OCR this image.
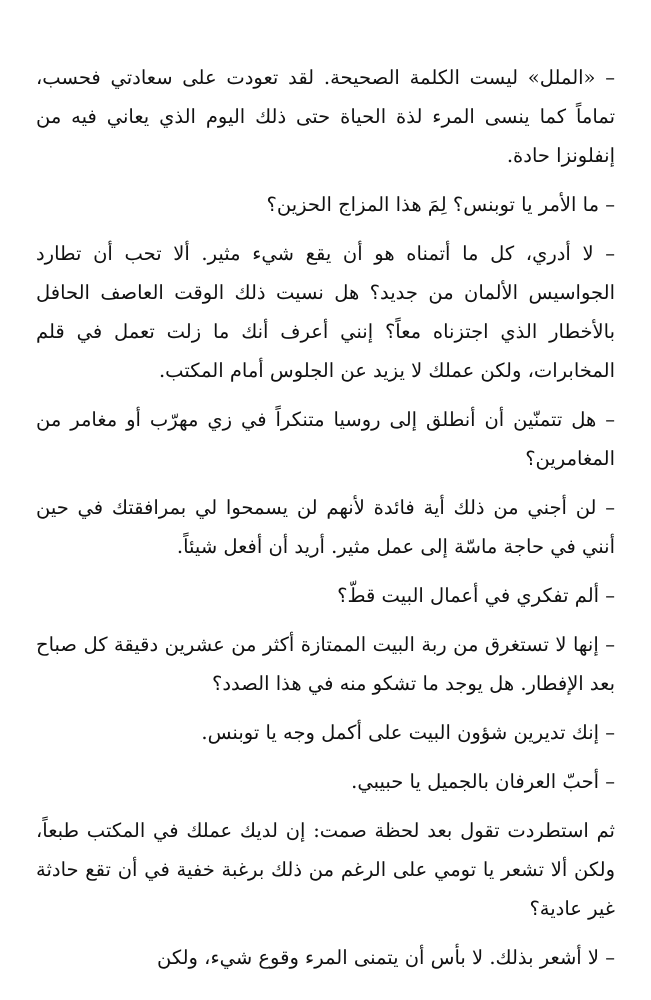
– «الملل» ليست الكلمة الصحيحة. لقد تعودت على سعادتي فحسب، تماماً كما ينسى المرء لذة الحياة حتى ذلك اليوم الذي يعاني فيه من إنفلونزا حادة.

– ما الأمر يا توبنس؟ لِمَ هذا المزاج الحزين؟

– لا أدري، كل ما أتمناه هو أن يقع شيء مثير. ألا تحب أن تطارد الجواسيس الألمان من جديد؟ هل نسيت ذلك الوقت العاصف الحافل بالأخطار الذي اجتزناه معاً؟ إنني أعرف أنك ما زلت تعمل في قلم المخابرات، ولكن عملك لا يزيد عن الجلوس أمام المكتب.

– هل تتمنّين أن أنطلق إلى روسيا متنكراً في زي مهرّب أو مغامر من المغامرين؟

– لن أجني من ذلك أية فائدة لأنهم لن يسمحوا لي بمرافقتك في حين أنني في حاجة ماسّة إلى عمل مثير. أريد أن أفعل شيئاً.

– ألم تفكري في أعمال البيت قطّ؟

– إنها لا تستغرق من ربة البيت الممتازة أكثر من عشرين دقيقة كل صباح بعد الإفطار. هل يوجد ما تشكو منه في هذا الصدد؟

– إنك تديرين شؤون البيت على أكمل وجه يا توبنس.

– أحبّ العرفان بالجميل يا حبيبي.

ثم استطردت تقول بعد لحظة صمت: إن لديك عملك في المكتب طبعاً، ولكن ألا تشعر يا تومي على الرغم من ذلك برغبة خفية في أن تقع حادثة غير عادية؟

– لا أشعر بذلك. لا بأس أن يتمنى المرء وقوع شيء، ولكن
